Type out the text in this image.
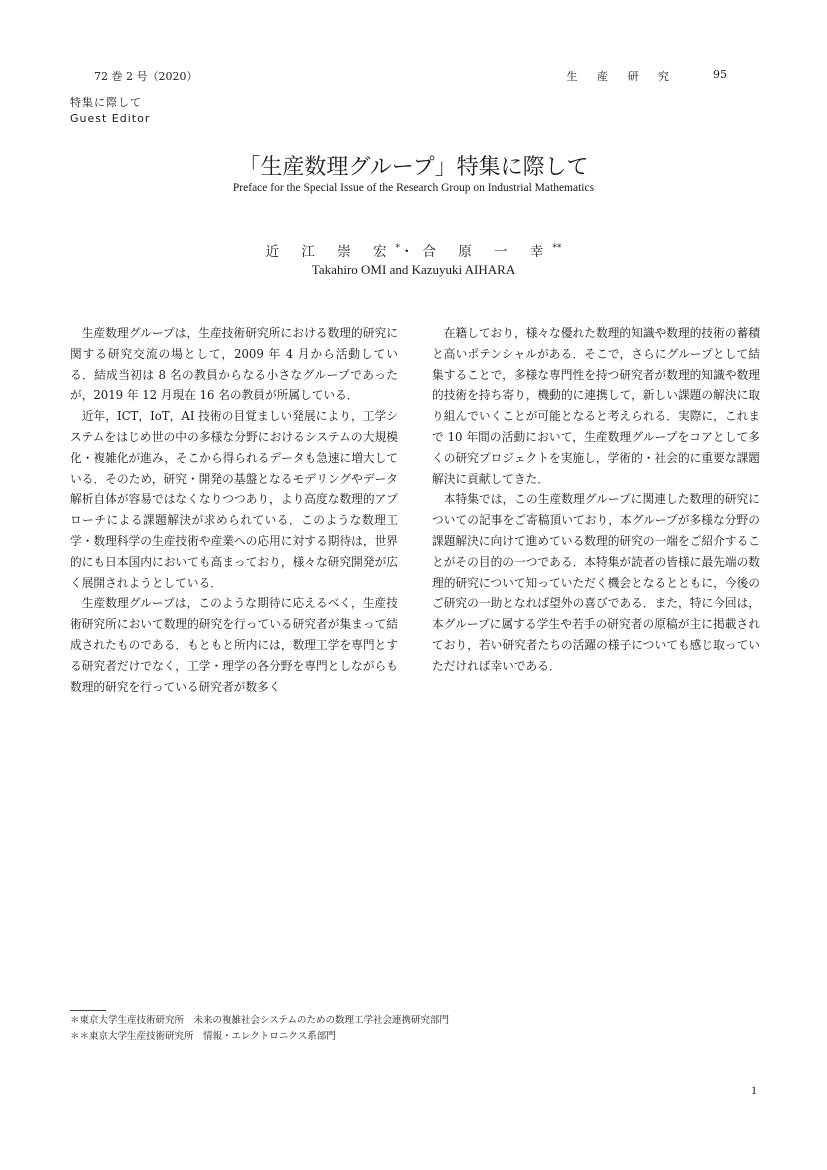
72 巻 2 号（2020）	生 産 研 究	95
特集に際して
Guest Editor
「生産数理グループ」特集に際して
Preface for the Special Issue of the Research Group on Industrial Mathematics
近 江 崇 宏*・合 原 一 幸**
Takahiro OMI and Kazuyuki AIHARA

生産数理グループは，生産技術研究所における数理的研究に関する研究交流の場として，2009 年 4 月から活動している．結成当初は 8 名の教員からなる小さなグループであったが，2019 年 12 月現在 16 名の教員が所属している．

近年，ICT，IoT，AI 技術の目覚ましい発展により，工学システムをはじめ世の中の多様な分野におけるシステムの大規模化・複雑化が進み，そこから得られるデータも急速に増大している．そのため，研究・開発の基盤となるモデリングやデータ解析自体が容易ではなくなりつつあり，より高度な数理的アプローチによる課題解決が求められている．このような数理工学・数理科学の生産技術や産業への応用に対する期待は，世界的にも日本国内においても高まっており，様々な研究開発が広く展開されようとしている．

生産数理グループは，このような期待に応えるべく，生産技術研究所において数理的研究を行っている研究者が集まって結成されたものである．もともと所内には，数理工学を専門とする研究者だけでなく，工学・理学の各分野を専門としながらも数理的研究を行っている研究者が数多く

在籍しており，様々な優れた数理的知識や数理的技術の蓄積と高いポテンシャルがある．そこで，さらにグループとして結集することで，多様な専門性を持つ研究者が数理的知識や数理的技術を持ち寄り，機動的に連携して，新しい課題の解決に取り組んでいくことが可能となると考えられる．実際に，これまで 10 年間の活動において，生産数理グループをコアとして多くの研究プロジェクトを実施し，学術的・社会的に重要な課題解決に貢献してきた．

本特集では，この生産数理グループに関連した数理的研究についての記事をご寄稿頂いており，本グループが多様な分野の課題解決に向けて進めている数理的研究の一端をご紹介することがその目的の一つである．本特集が読者の皆様に最先端の数理的研究について知っていただく機会となるとともに，今後のご研究の一助となれば望外の喜びである．また，特に今回は，本グループに属する学生や若手の研究者の原稿が主に掲載されており，若い研究者たちの活躍の様子についても感じ取っていただければ幸いである．

＊東京大学生産技術研究所　未来の複雑社会システムのための数理工学社会連携研究部門
＊＊東京大学生産技術研究所　情報・エレクトロニクス系部門
1
